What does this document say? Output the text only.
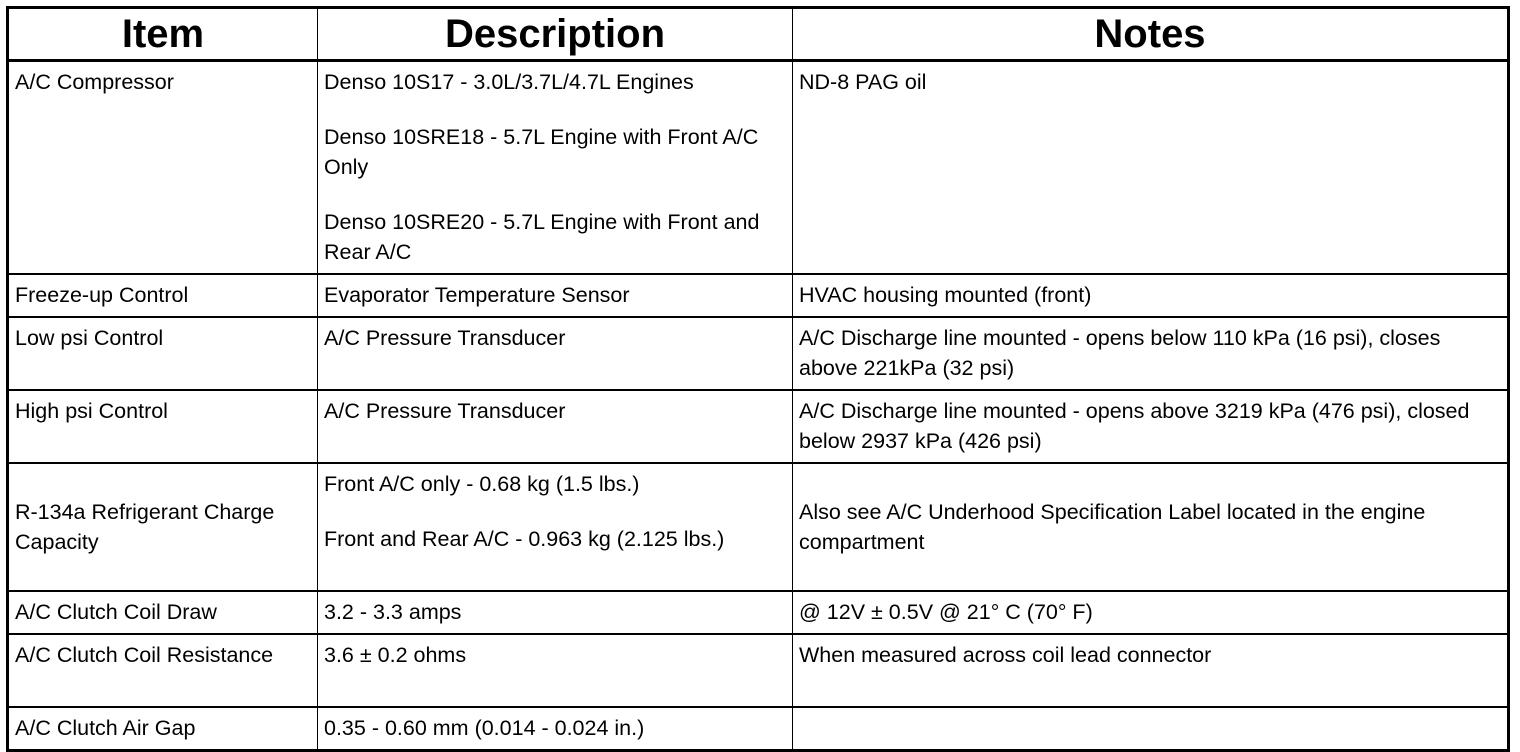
Item	Description	Notes
A/C Compressor	Denso 10S17 - 3.0L/3.7L/4.7L Engines

Denso 10SRE18 - 5.7L Engine with Front A/C Only

Denso 10SRE20 - 5.7L Engine with Front and Rear A/C	ND-8 PAG oil
Freeze-up Control	Evaporator Temperature Sensor	HVAC housing mounted (front)
Low psi Control	A/C Pressure Transducer	A/C Discharge line mounted - opens below 110 kPa (16 psi), closes above 221kPa (32 psi)
High psi Control	A/C Pressure Transducer	A/C Discharge line mounted - opens above 3219 kPa (476 psi), closed below 2937 kPa (426 psi)
R-134a Refrigerant Charge Capacity	Front A/C only - 0.68 kg (1.5 lbs.)

Front and Rear A/C - 0.963 kg (2.125 lbs.)	Also see A/C Underhood Specification Label located in the engine compartment
A/C Clutch Coil Draw	3.2 - 3.3 amps	@ 12V ± 0.5V @ 21° C (70° F)
A/C Clutch Coil Resistance	3.6 ± 0.2 ohms	When measured across coil lead connector
A/C Clutch Air Gap	0.35 - 0.60 mm (0.014 - 0.024 in.)	
